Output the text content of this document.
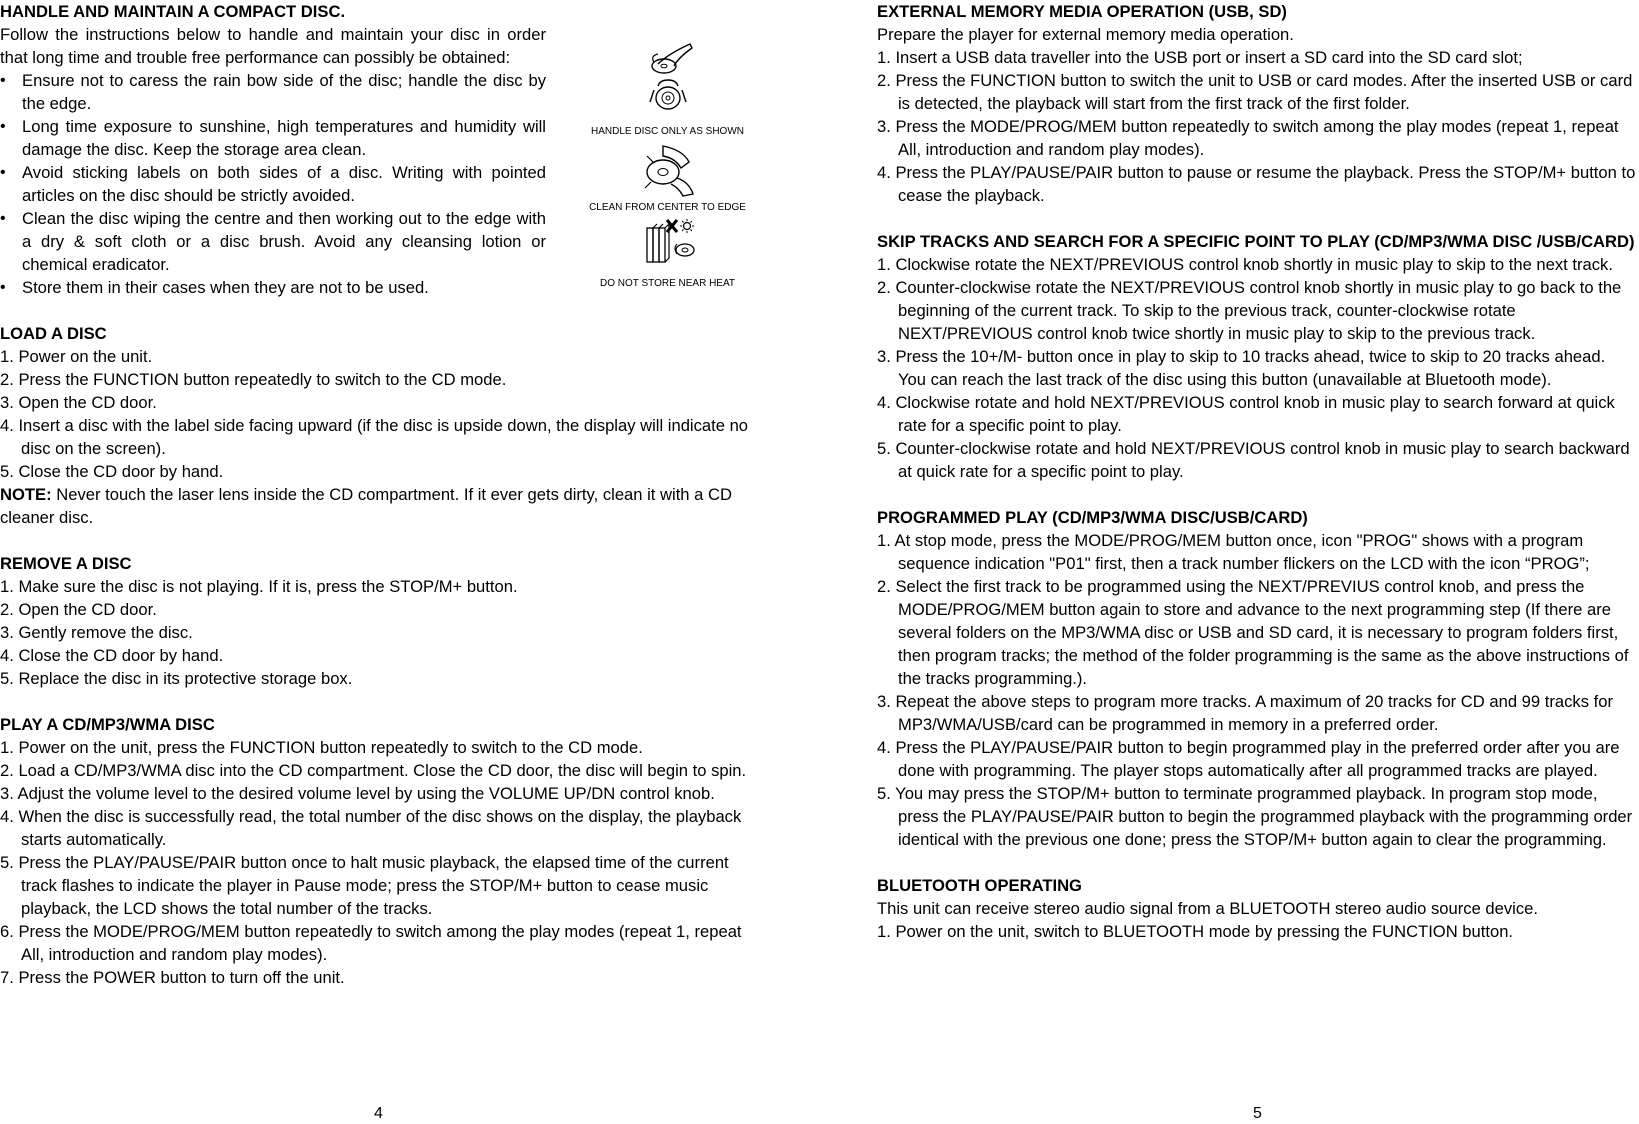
HANDLE AND MAINTAIN A COMPACT DISC.

Follow the instructions below to handle and maintain your disc in order that long time and trouble free performance can possibly be obtained:

• Ensure not to caress the rain bow side of the disc; handle the disc by the edge.

• Long time exposure to sunshine, high temperatures and humidity will damage the disc. Keep the storage area clean.

• Avoid sticking labels on both sides of a disc. Writing with pointed articles on the disc should be strictly avoided.

• Clean the disc wiping the centre and then working out to the edge with a dry & soft cloth or a disc brush. Avoid any cleansing lotion or chemical eradicator.

• Store them in their cases when they are not to be used.

LOAD A DISC

1. Power on the unit.

2. Press the FUNCTION button repeatedly to switch to the CD mode.

3. Open the CD door.

4. Insert a disc with the label side facing upward (if the disc is upside down, the display will indicate no disc on the screen).

5. Close the CD door by hand.

NOTE: Never touch the laser lens inside the CD compartment. If it ever gets dirty, clean it with a CD cleaner disc.

REMOVE A DISC

1. Make sure the disc is not playing. If it is, press the STOP/M+ button.

2. Open the CD door.

3. Gently remove the disc.

4. Close the CD door by hand.

5. Replace the disc in its protective storage box.

PLAY A CD/MP3/WMA DISC

1. Power on the unit, press the FUNCTION button repeatedly to switch to the CD mode.

2. Load a CD/MP3/WMA disc into the CD compartment. Close the CD door, the disc will begin to spin.

3. Adjust the volume level to the desired volume level by using the VOLUME UP/DN control knob.

4. When the disc is successfully read, the total number of the disc shows on the display, the playback starts automatically.

5. Press the PLAY/PAUSE/PAIR button once to halt music playback, the elapsed time of the current track flashes to indicate the player in Pause mode; press the STOP/M+ button to cease music playback, the LCD shows the total number of the tracks.

6. Press the MODE/PROG/MEM button repeatedly to switch among the play modes (repeat 1, repeat All, introduction and random play modes).

7. Press the POWER button to turn off the unit.

HANDLE DISC ONLY AS SHOWN
CLEAN FROM CENTER TO EDGE
DO NOT STORE NEAR HEAT
4

EXTERNAL MEMORY MEDIA OPERATION (USB, SD)

Prepare the player for external memory media operation.

1. Insert a USB data traveller into the USB port or insert a SD card into the SD card slot;

2. Press the FUNCTION button to switch the unit to USB or card modes. After the inserted USB or card is detected, the playback will start from the first track of the first folder.

3. Press the MODE/PROG/MEM button repeatedly to switch among the play modes (repeat 1, repeat All, introduction and random play modes).

4. Press the PLAY/PAUSE/PAIR button to pause or resume the playback. Press the STOP/M+ button to cease the playback.

SKIP TRACKS AND SEARCH FOR A SPECIFIC POINT TO PLAY (CD/MP3/WMA DISC /USB/CARD)

1. Clockwise rotate the NEXT/PREVIOUS control knob shortly in music play to skip to the next track.

2. Counter-clockwise rotate the NEXT/PREVIOUS control knob shortly in music play to go back to the beginning of the current track. To skip to the previous track, counter-clockwise rotate NEXT/PREVIOUS control knob twice shortly in music play to skip to the previous track.

3. Press the 10+/M- button once in play to skip to 10 tracks ahead, twice to skip to 20 tracks ahead. You can reach the last track of the disc using this button (unavailable at Bluetooth mode).

4. Clockwise rotate and hold NEXT/PREVIOUS control knob in music play to search forward at quick rate for a specific point to play.

5. Counter-clockwise rotate and hold NEXT/PREVIOUS control knob in music play to search backward at quick rate for a specific point to play.

PROGRAMMED PLAY (CD/MP3/WMA DISC/USB/CARD)

1. At stop mode, press the MODE/PROG/MEM button once, icon "PROG" shows with a program sequence indication "P01" first, then a track number flickers on the LCD with the icon “PROG”;

2. Select the first track to be programmed using the NEXT/PREVIUS control knob, and press the MODE/PROG/MEM button again to store and advance to the next programming step (If there are several folders on the MP3/WMA disc or USB and SD card, it is necessary to program folders first, then program tracks; the method of the folder programming is the same as the above instructions of the tracks programming.).

3. Repeat the above steps to program more tracks. A maximum of 20 tracks for CD and 99 tracks for MP3/WMA/USB/card can be programmed in memory in a preferred order.

4. Press the PLAY/PAUSE/PAIR button to begin programmed play in the preferred order after you are done with programming. The player stops automatically after all programmed tracks are played.

5. You may press the STOP/M+ button to terminate programmed playback. In program stop mode, press the PLAY/PAUSE/PAIR button to begin the programmed playback with the programming order identical with the previous one done; press the STOP/M+ button again to clear the programming.

BLUETOOTH OPERATING

This unit can receive stereo audio signal from a BLUETOOTH stereo audio source device.

1. Power on the unit, switch to BLUETOOTH mode by pressing the FUNCTION button.

5
